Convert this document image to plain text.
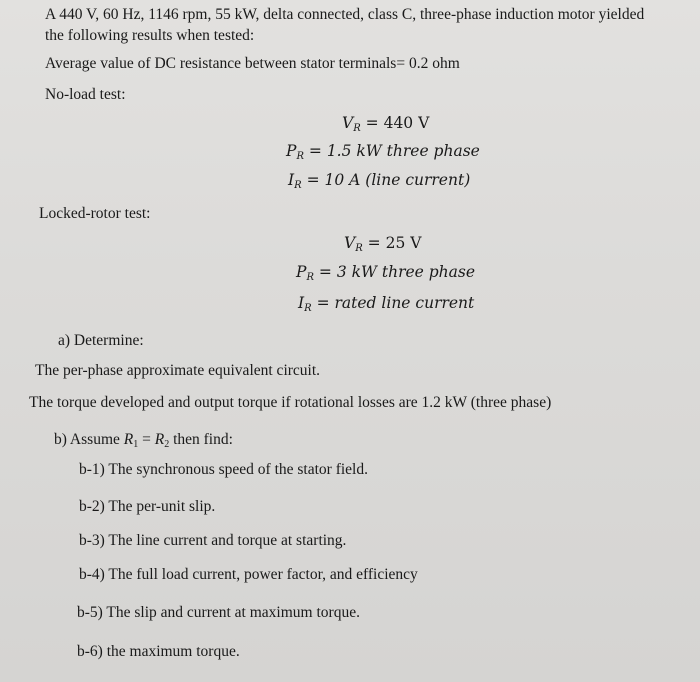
A 440 V, 60 Hz, 1146 rpm, 55 kW, delta connected, class C, three-phase induction motor yielded
the following results when tested:
Average value of DC resistance between stator terminals= 0.2 ohm
No-load test:
$V_R = 440$ V
$P_R = 1.5$ kW three phase
$I_R = 10$ A (line current)
Locked-rotor test:
$V_R = 25$ V
$P_R = 3$ kW three phase
$I_R$ = rated line current
a) Determine:
The per-phase approximate equivalent circuit.
The torque developed and output torque if rotational losses are 1.2 kW (three phase)
b) Assume $R_1 = R_2$ then find:
b-1) The synchronous speed of the stator field.
b-2) The per-unit slip.
b-3) The line current and torque at starting.
b-4) The full load current, power factor, and efficiency
b-5) The slip and current at maximum torque.
b-6) the maximum torque.
